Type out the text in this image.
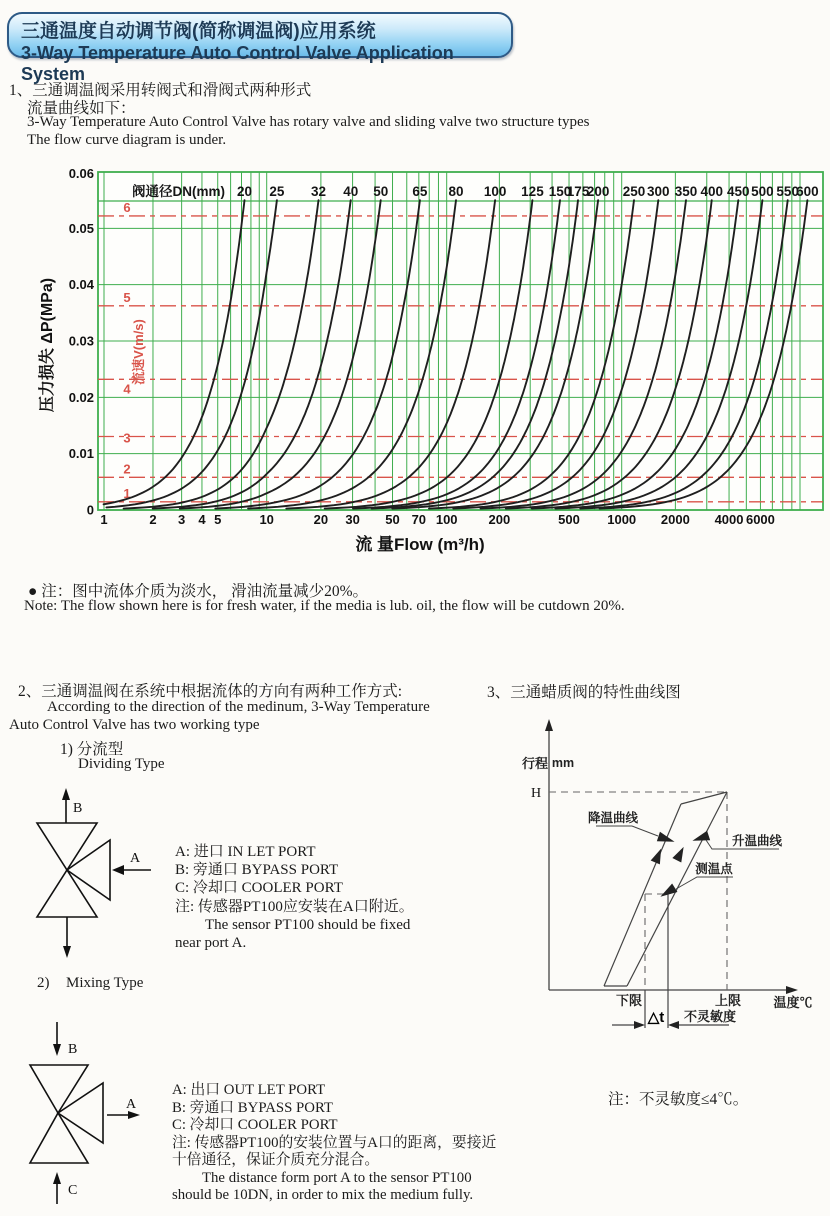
三通温度自动调节阀(简称调温阀)应用系统
3-Way Temperature Auto Control Valve Application System
1、三通调温阀采用转阀式和滑阀式两种形式
流量曲线如下：
3-Way Temperature Auto Control Valve has rotary valve and sliding valve two structure types
The flow curve diagram is under.
1
2
3
4
5
6
流速V(m/s)
20 25 32 40 50 65 80 100 125 150
175
200 250 300 350 400 450 500 550
600
阀通径DN(mm)
1	2 3 4 5	10	20 30 50 70 100 200	500 1000 2000 4000 6000
0
0.01
0.02
0.03
0.04
0.05
0.06
压力损失 ΔP(MPa)
流 量Flow (m³/h)
● 注：图中流体介质为淡水， 滑油流量减少20%。
Note: The flow shown here is for fresh water, if the media is lub. oil, the flow will be cutdown 20%.
2、三通调温阀在系统中根据流体的方向有两种工作方式:
According to the direction of the medinum, 3-Way Temperature
Auto Control Valve has two working type
1) 分流型
Dividing Type
3、三通蜡质阀的特性曲线图
B
A A: 进口 IN LET PORT
B: 旁通口 BYPASS PORT
C: 冷却口 COOLER PORT
注: 传感器PT100应安装在A口附近。
The sensor PT100 should be fixed
near port A.
2) Mixing Type
B
A
C
A: 出口 OUT LET PORT
B: 旁通口 BYPASS PORT
C: 冷却口 COOLER PORT
注: 传感器PT100的安装位置与A口的距离，要接近
十倍通径，保证介质充分混合。
The distance form port A to the sensor PT100
should be 10DN, in order to mix the medium fully.
行程 mm
H
降温曲线
升温曲线
测温点
下限	上限 温度℃
△t 不灵敏度
注：不灵敏度≤4℃。
